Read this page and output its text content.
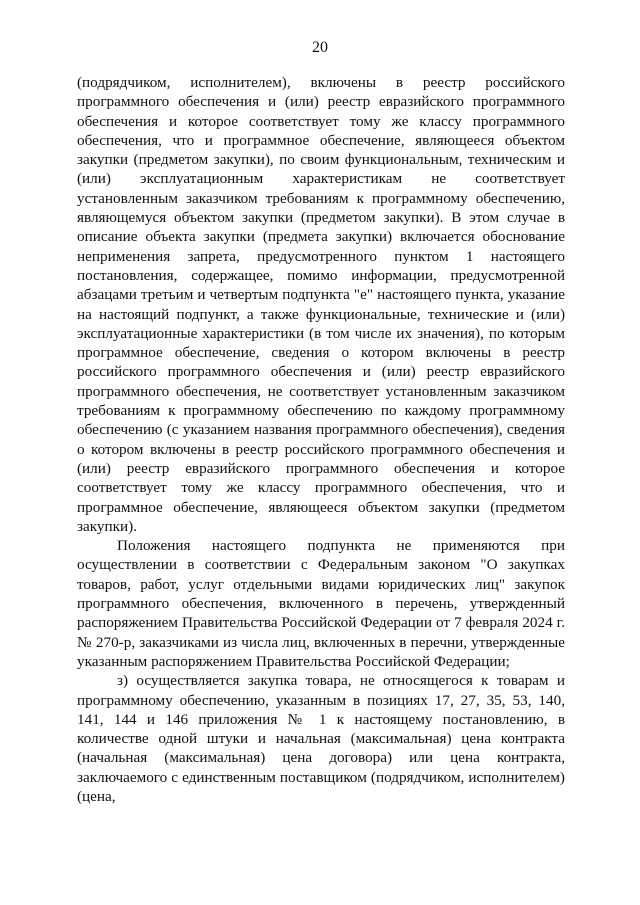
20

(подрядчиком, исполнителем), включены в реестр российского программного обеспечения и (или) реестр евразийского программного обеспечения и которое соответствует тому же классу программного обеспечения, что и программное обеспечение, являющееся объектом закупки (предметом закупки), по своим функциональным, техническим и (или) эксплуатационным характеристикам не соответствует установленным заказчиком требованиям к программному обеспечению, являющемуся объектом закупки (предметом закупки). В этом случае в описание объекта закупки (предмета закупки) включается обоснование неприменения запрета, предусмотренного пунктом 1 настоящего постановления, содержащее, помимо информации, предусмотренной абзацами третьим и четвертым подпункта "е" настоящего пункта, указание на настоящий подпункт, а также функциональные, технические и (или) эксплуатационные характеристики (в том числе их значения), по которым программное обеспечение, сведения о котором включены в реестр российского программного обеспечения и (или) реестр евразийского программного обеспечения, не соответствует установленным заказчиком требованиям к программному обеспечению по каждому программному обеспечению (с указанием названия программного обеспечения), сведения о котором включены в реестр российского программного обеспечения и (или) реестр евразийского программного обеспечения и которое соответствует тому же классу программного обеспечения, что и программное обеспечение, являющееся объектом закупки (предметом закупки).

Положения настоящего подпункта не применяются при осуществлении в соответствии с Федеральным законом "О закупках товаров, работ, услуг отдельными видами юридических лиц" закупок программного обеспечения, включенного в перечень, утвержденный распоряжением Правительства Российской Федерации от 7 февраля 2024 г. № 270-р, заказчиками из числа лиц, включенных в перечни, утвержденные указанным распоряжением Правительства Российской Федерации;

з) осуществляется закупка товара, не относящегося к товарам и программному обеспечению, указанным в позициях 17, 27, 35, 53, 140, 141, 144 и 146 приложения № 1 к настоящему постановлению, в количестве одной штуки и начальная (максимальная) цена контракта (начальная (максимальная) цена договора) или цена контракта, заключаемого с единственным поставщиком (подрядчиком, исполнителем) (цена,
